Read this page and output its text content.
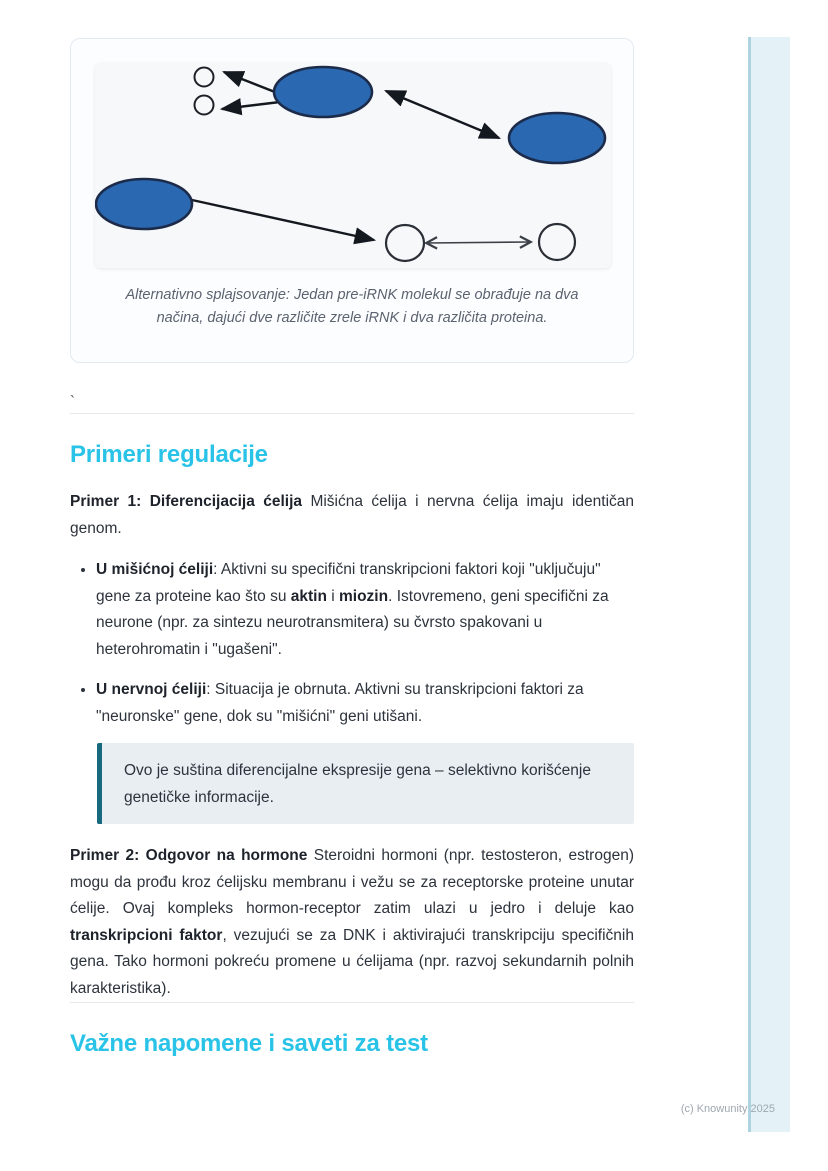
Alternativno splajsovanje: Jedan pre-iRNK molekul se obrađuje na dva načina, dajući dve različite zrele iRNK i dva različita proteina.
`
Primeri regulacije

Primer 1: Diferencijacija ćelija Mišićna ćelija i nervna ćelija imaju identičan genom.

• U mišićnoj ćeliji: Aktivni su specifični transkripcioni faktori koji "uključuju" gene za proteine kao što su aktin i miozin. Istovremeno, geni specifični za neurone (npr. za sintezu neurotransmitera) su čvrsto spakovani u heterohromatin i "ugašeni".
• U nervnoj ćeliji: Situacija je obrnuta. Aktivni su transkripcioni faktori za "neuronske" gene, dok su "mišićni" geni utišani.
Ovo je suština diferencijalne ekspresije gena – selektivno korišćenje genetičke informacije.

Primer 2: Odgovor na hormone Steroidni hormoni (npr. testosteron, estrogen) mogu da prođu kroz ćelijsku membranu i vežu se za receptorske proteine unutar ćelije. Ovaj kompleks hormon-receptor zatim ulazi u jedro i deluje kao transkripcioni faktor, vezujući se za DNK i aktivirajući transkripciju specifičnih gena. Tako hormoni pokreću promene u ćelijama (npr. razvoj sekundarnih polnih karakteristika).

Važne napomene i saveti za test
(c) Knowunity 2025
